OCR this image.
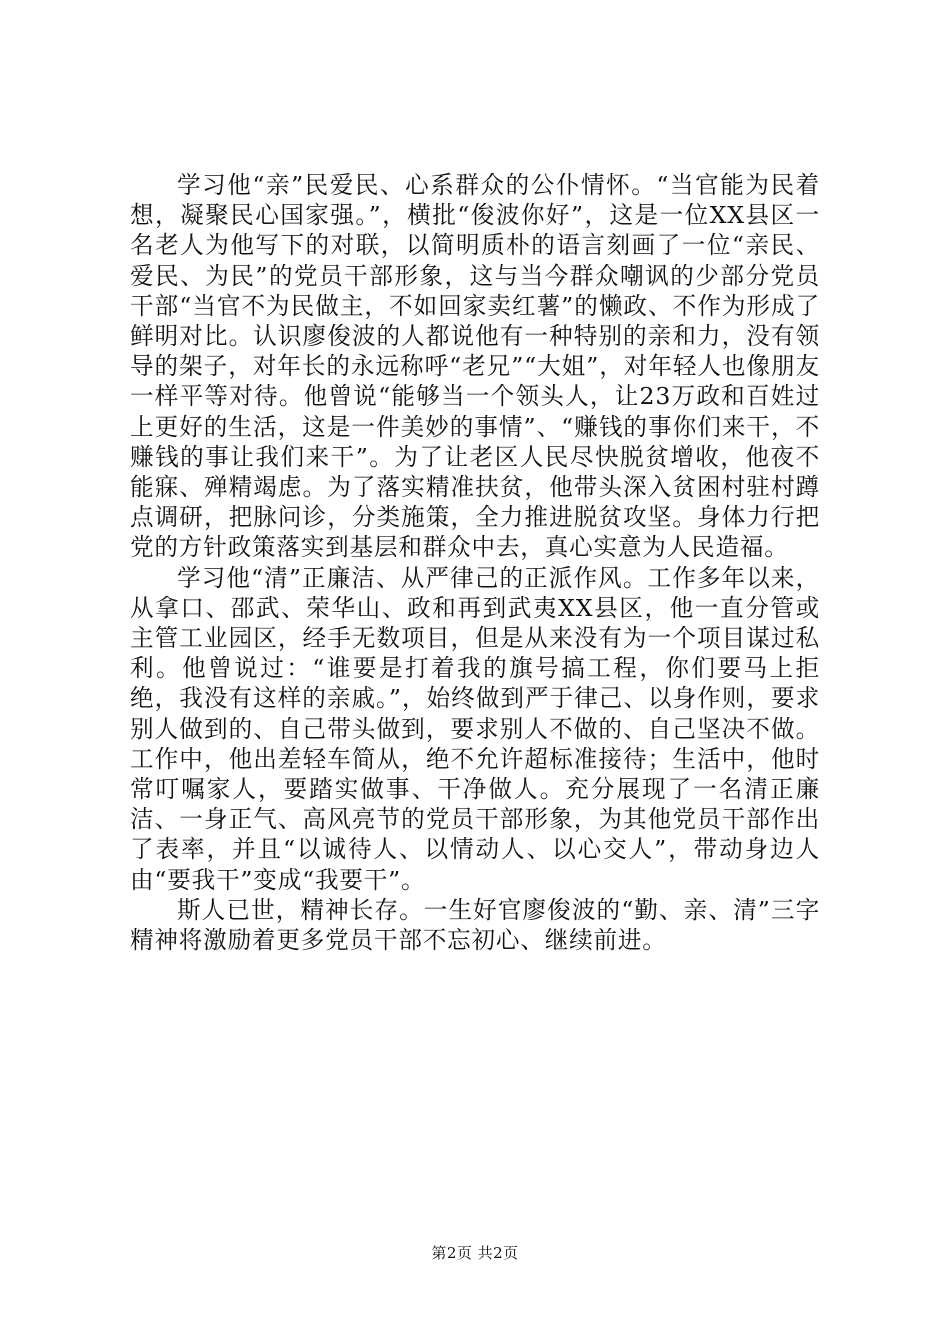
学习他“亲”民爱民、心系群众的公仆情怀。“当官能为民着想，凝聚民心国家强。”，横批“俊波你好”，这是一位XX县区一名老人为他写下的对联，以简明质朴的语言刻画了一位“亲民、爱民、为民”的党员干部形象，这与当今群众嘲讽的少部分党员干部“当官不为民做主，不如回家卖红薯”的懒政、不作为形成了鲜明对比。认识廖俊波的人都说他有一种特别的亲和力，没有领导的架子，对年长的永远称呼“老兄”“大姐”，对年轻人也像朋友一样平等对待。他曾说“能够当一个领头人，让23万政和百姓过上更好的生活，这是一件美妙的事情”、“赚钱的事你们来干，不赚钱的事让我们来干”。为了让老区人民尽快脱贫增收，他夜不能寐、殚精竭虑。为了落实精准扶贫，他带头深入贫困村驻村蹲点调研，把脉问诊，分类施策，全力推进脱贫攻坚。身体力行把党的方针政策落实到基层和群众中去，真心实意为人民造福。

学习他“清”正廉洁、从严律己的正派作风。工作多年以来，从拿口、邵武、荣华山、政和再到武夷XX县区，他一直分管或主管工业园区，经手无数项目，但是从来没有为一个项目谋过私利。他曾说过：“谁要是打着我的旗号搞工程，你们要马上拒绝，我没有这样的亲戚。”，始终做到严于律己、以身作则，要求别人做到的、自己带头做到，要求别人不做的、自己坚决不做。工作中，他出差轻车简从，绝不允许超标准接待；生活中，他时常叮嘱家人，要踏实做事、干净做人。充分展现了一名清正廉洁、一身正气、高风亮节的党员干部形象，为其他党员干部作出了表率，并且“以诚待人、以情动人、以心交人”，带动身边人由“要我干”变成“我要干”。

斯人已世，精神长存。一生好官廖俊波的“勤、亲、清”三字精神将激励着更多党员干部不忘初心、继续前进。

第2页 共2页
